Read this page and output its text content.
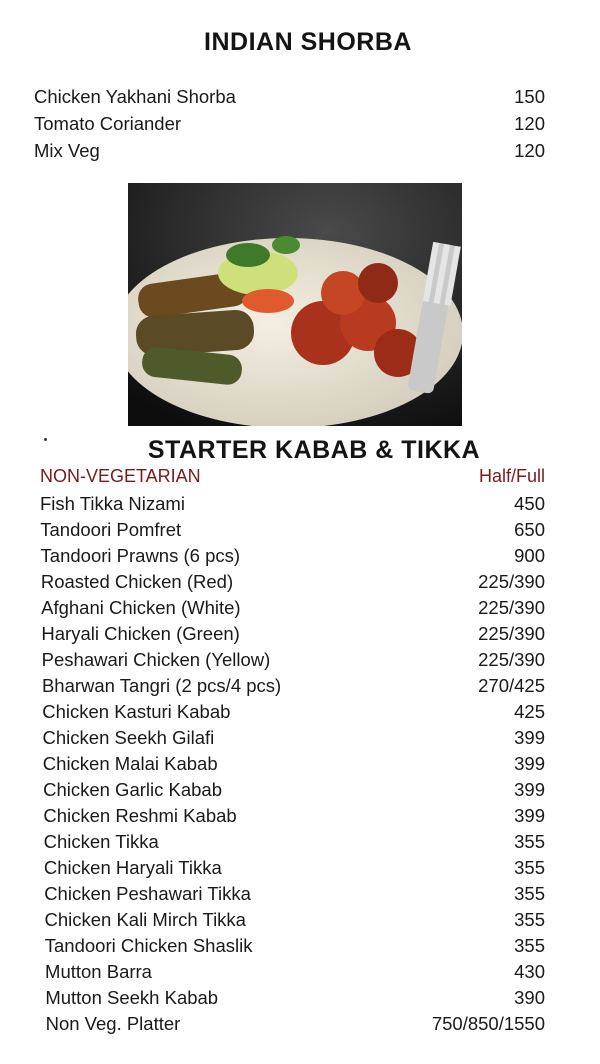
INDIAN SHORBA
Chicken Yakhani Shorba	150
Tomato Coriander	120
Mix Veg	120
STARTER KABAB & TIKKA
NON-VEGETARIAN	Half/Full
Fish Tikka Nizami	450
Tandoori Pomfret	650
Tandoori Prawns (6 pcs)	900
Roasted Chicken (Red)	225/390
Afghani Chicken (White)	225/390
Haryali Chicken (Green)	225/390
Peshawari Chicken (Yellow)	225/390
Bharwan Tangri (2 pcs/4 pcs)	270/425
Chicken Kasturi Kabab	425
Chicken Seekh Gilafi	399
Chicken Malai Kabab	399
Chicken Garlic Kabab	399
Chicken Reshmi Kabab	399
Chicken Tikka	355
Chicken Haryali Tikka	355
Chicken Peshawari Tikka	355
Chicken Kali Mirch Tikka	355
Tandoori Chicken Shaslik	355
Mutton Barra	430
Mutton Seekh Kabab	390
Non Veg. Platter	750/850/1550
